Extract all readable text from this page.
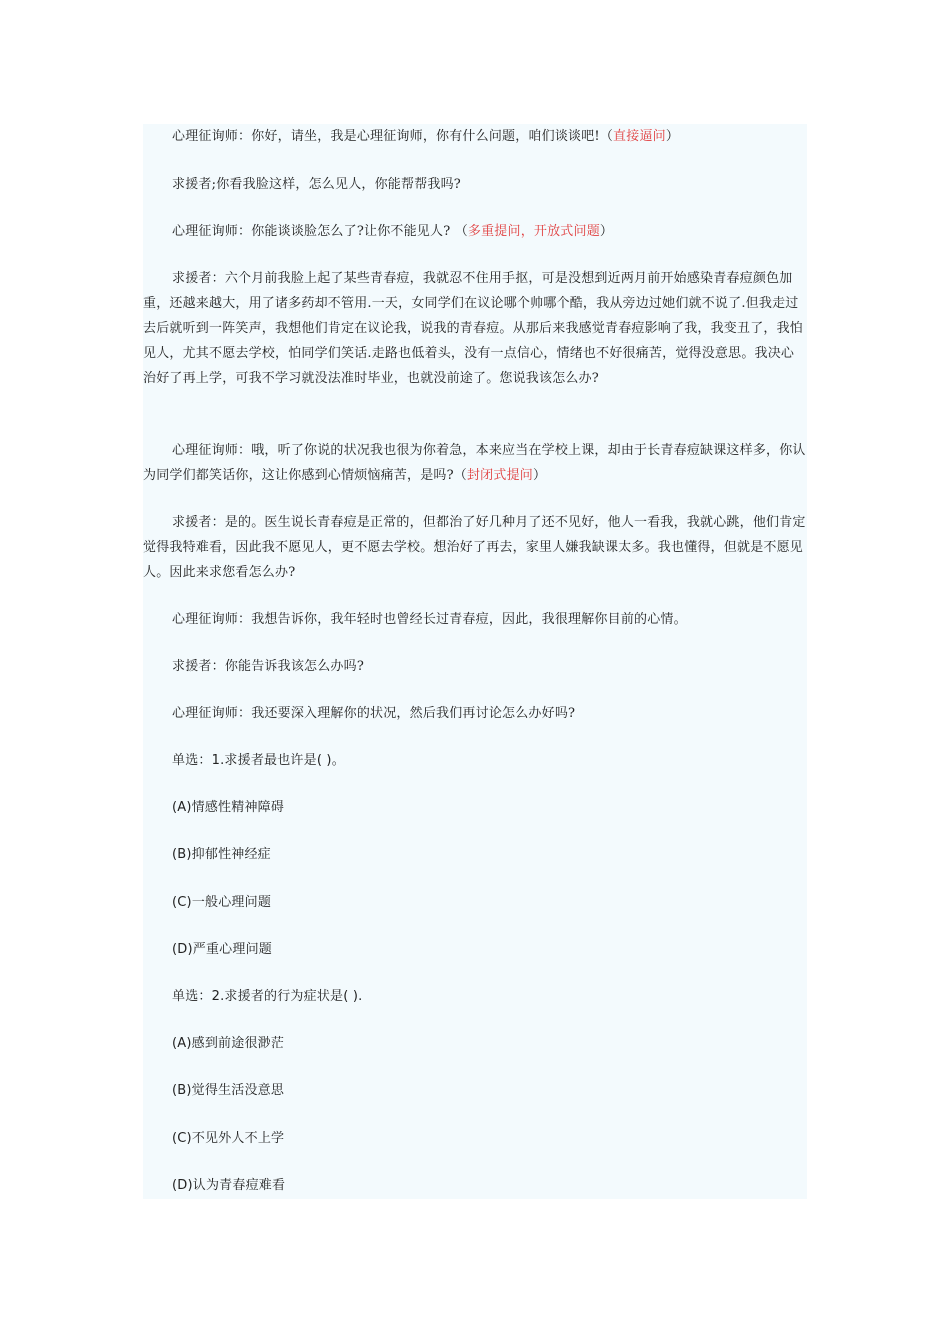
心理征询师：你好，请坐，我是心理征询师，你有什么问题，咱们谈谈吧!（直接逼问）

求援者;你看我脸这样，怎么见人，你能帮帮我吗?

心理征询师：你能谈谈脸怎么了?让你不能见人? （多重提问，开放式问题）

求援者：六个月前我脸上起了某些青春痘，我就忍不住用手抠，可是没想到近两月前开始感染青春痘颜色加重，还越来越大，用了诸多药却不管用.一天，女同学们在议论哪个帅哪个酷，我从旁边过她们就不说了.但我走过去后就听到一阵笑声，我想他们肯定在议论我，说我的青春痘。从那后来我感觉青春痘影响了我，我变丑了，我怕见人，尤其不愿去学校，怕同学们笑话.走路也低着头，没有一点信心，情绪也不好很痛苦，觉得没意思。我决心治好了再上学，可我不学习就没法准时毕业，也就没前途了。您说我该怎么办?

心理征询师：哦，听了你说的状况我也很为你着急，本来应当在学校上课，却由于长青春痘缺课这样多，你认为同学们都笑话你，这让你感到心情烦恼痛苦，是吗?（封闭式提问）

求援者：是的。医生说长青春痘是正常的，但都治了好几种月了还不见好，他人一看我，我就心跳，他们肯定觉得我特难看，因此我不愿见人，更不愿去学校。想治好了再去，家里人嫌我缺课太多。我也懂得，但就是不愿见人。因此来求您看怎么办?

心理征询师：我想告诉你，我年轻时也曾经长过青春痘，因此，我很理解你目前的心情。

求援者：你能告诉我该怎么办吗?

心理征询师：我还要深入理解你的状况，然后我们再讨论怎么办好吗?

单选：1.求援者最也许是( )。

(A)情感性精神障碍

(B)抑郁性神经症

(C)一般心理问题

(D)严重心理问题

单选：2.求援者的行为症状是( ).

(A)感到前途很渺茫

(B)觉得生活没意思

(C)不见外人不上学

(D)认为青春痘难看
